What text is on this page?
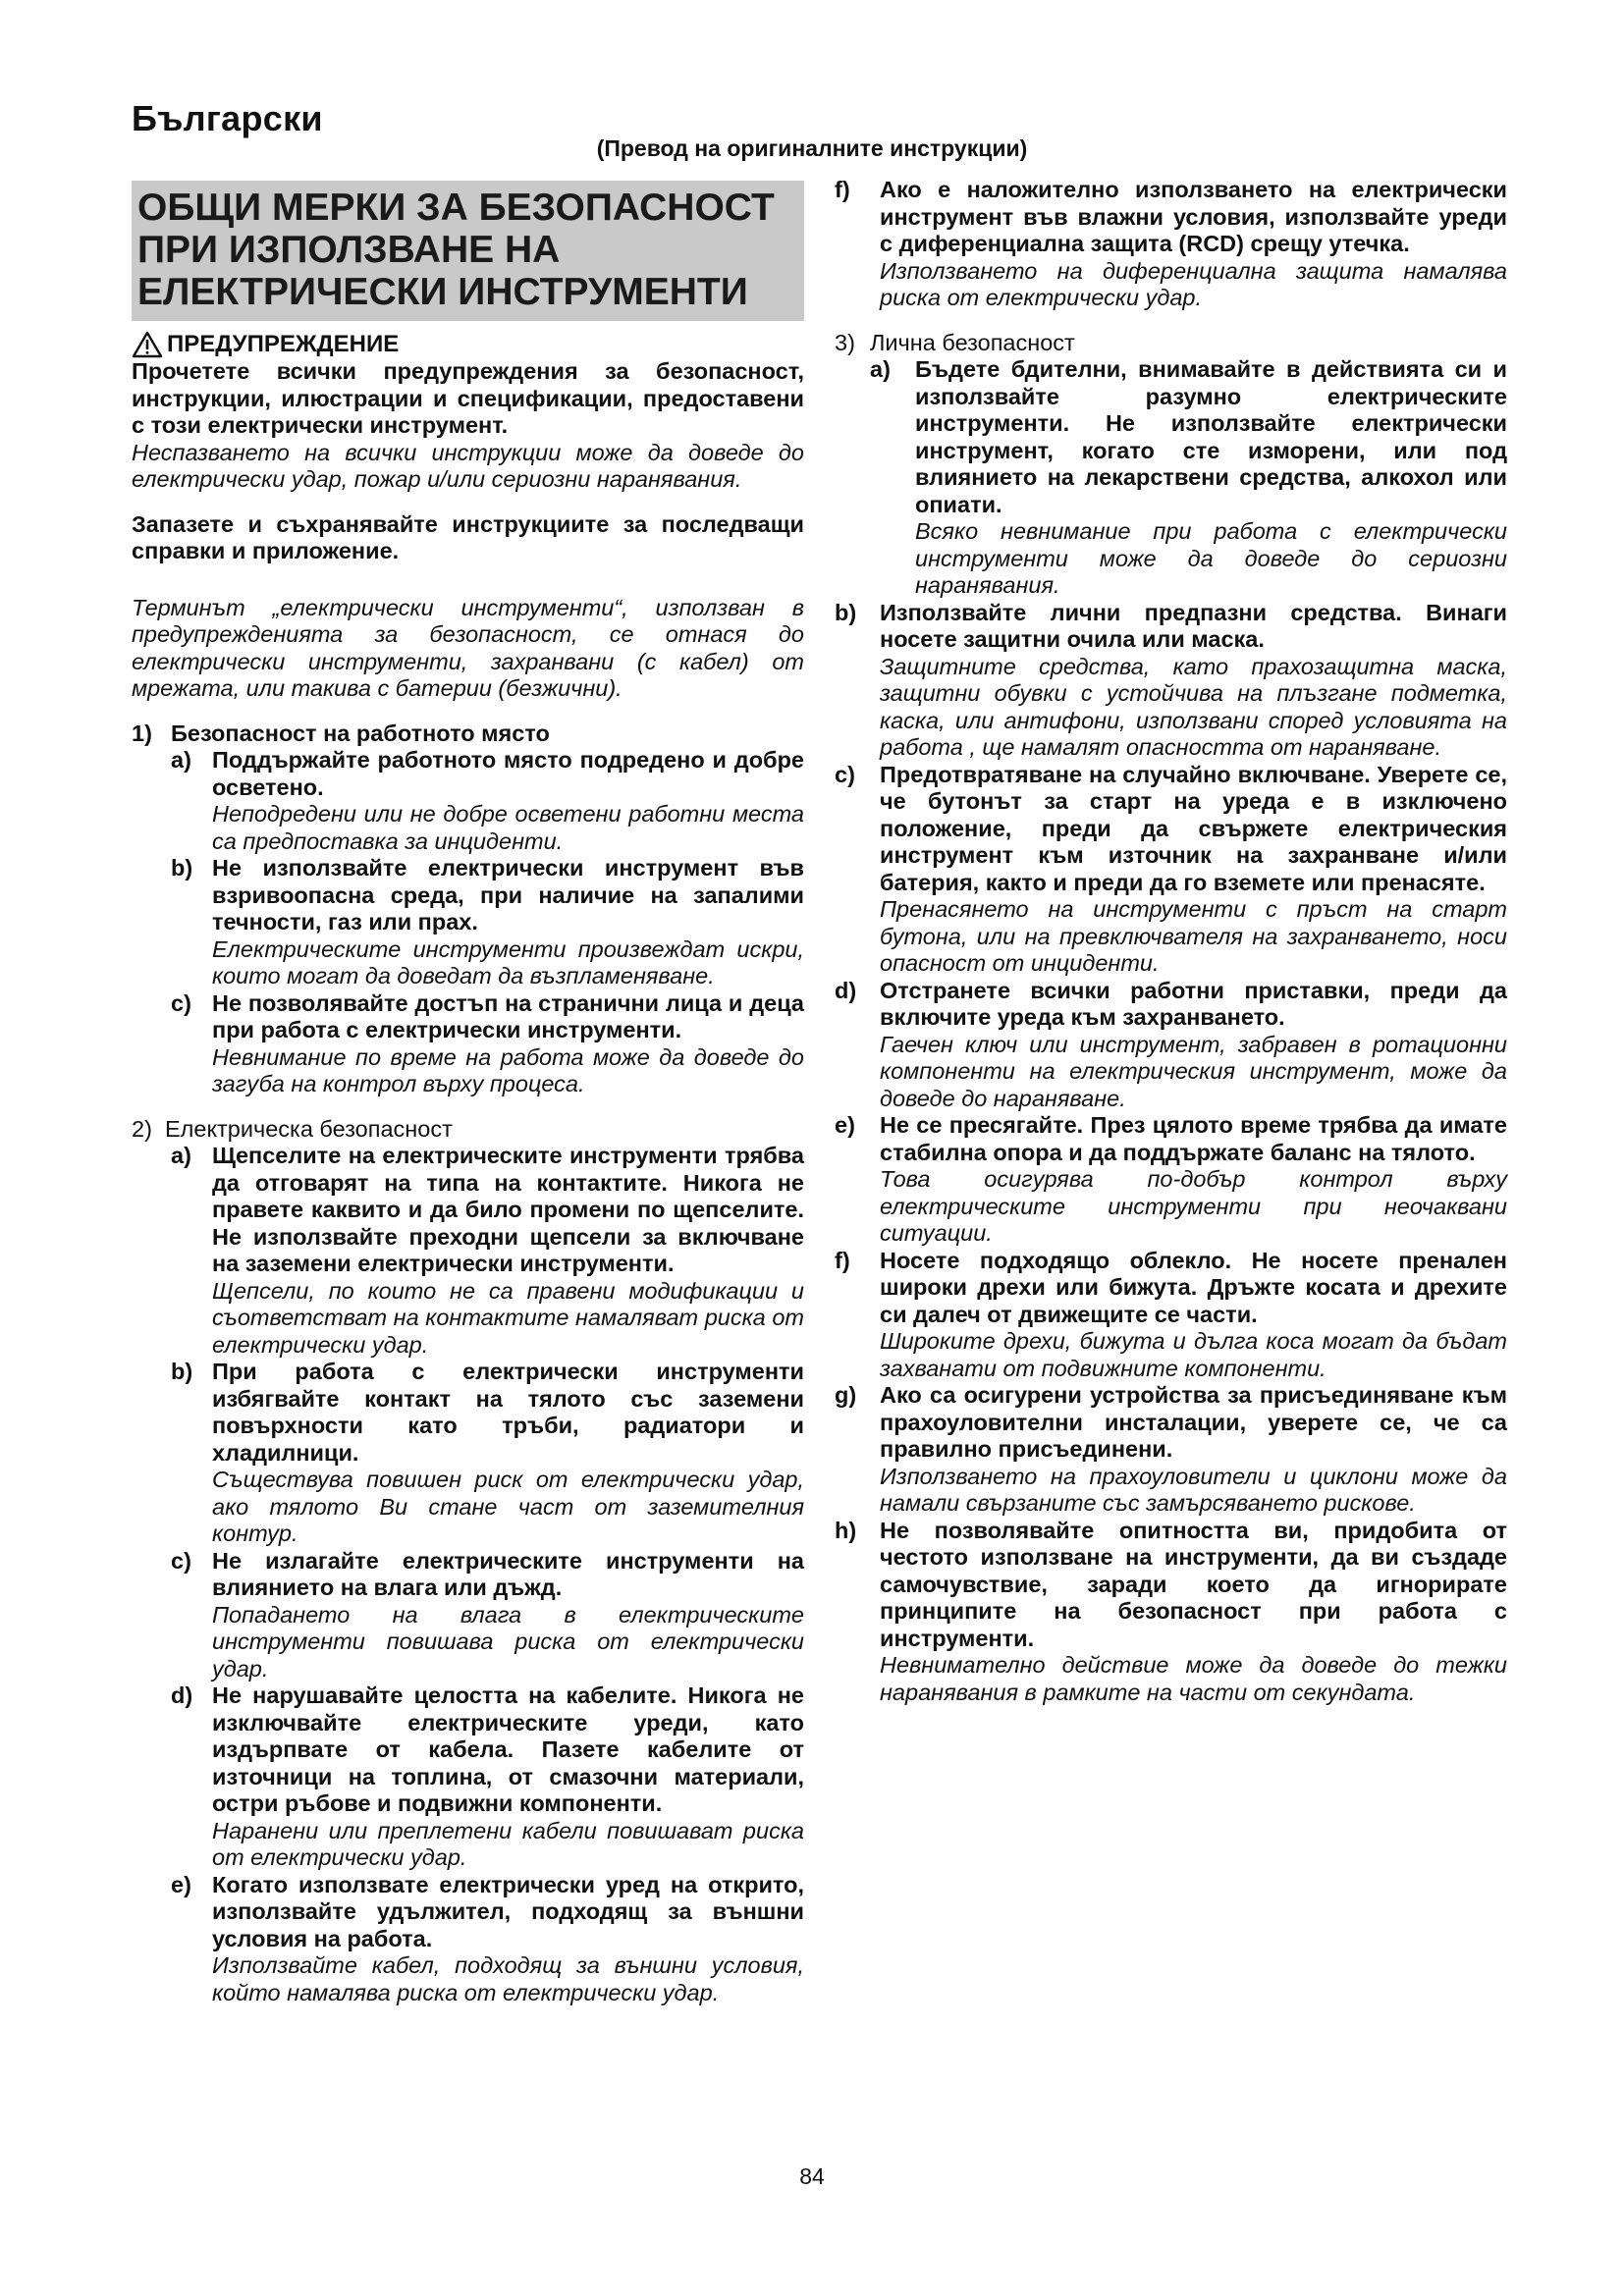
Български
(Превод на оригиналните инструкции)
ОБЩИ МЕРКИ ЗА БЕЗОПАСНОСТ
ПРИ ИЗПОЛЗВАНЕ НА
ЕЛЕКТРИЧЕСКИ ИНСТРУМЕНТИ
ПРЕДУПРЕЖДЕНИЕ
Прочетете всички предупреждения за безопасност, инструкции, илюстрации и спецификации, предоставени с този електрически инструмент.
Неспазването на всички инструкции може да доведе до електрически удар, пожар и/или сериозни наранявания.
Запазете и съхранявайте инструкциите за последващи справки и приложение.
Терминът „електрически инструменти“, използван в предупрежденията за безопасност, се отнася до електрически инструменти, захранвани (с кабел) от мрежата, или такива с батерии (безжични).
1) Безопасност на работното място
a) Поддържайте работното място подредено и добре осветено.
Неподредени или не добре осветени работни места са предпоставка за инциденти.
b) Не използвайте електрически инструмент във взривоопасна среда, при наличие на запалими течности, газ или прах.
Електрическите инструменти произвеждат искри, които могат да доведат да възпламеняване.
c) Не позволявайте достъп на странични лица и деца при работа с електрически инструменти.
Невнимание по време на работа може да доведе до загуба на контрол върху процеса.
2) Електрическа безопасност
a) Щепселите на електрическите инструменти трябва да отговарят на типа на контактите. Никога не правете каквито и да било промени по щепселите. Не използвайте преходни щепсели за включване на заземени електрически инструменти.
Щепсели, по които не са правени модификации и съответстват на контактите намаляват риска от електрически удар.
b) При работа с електрически инструменти избягвайте контакт на тялото със заземени повърхности като тръби, радиатори и хладилници.
Съществува повишен риск от електрически удар, ако тялото Ви стане част от заземителния контур.
c) Не излагайте електрическите инструменти на влиянието на влага или дъжд.
Попадането на влага в електрическите инструменти повишава риска от електрически удар.
d) Не нарушавайте целостта на кабелите. Никога не изключвайте електрическите уреди, като издърпвате от кабела. Пазете кабелите от източници на топлина, от смазочни материали, остри ръбове и подвижни компоненти.
Наранени или преплетени кабели повишават риска от електрически удар.
e) Когато използвате електрически уред на открито, използвайте удължител, подходящ за външни условия на работа.
Използвайте кабел, подходящ за външни условия, който намалява риска от електрически удар.
f)	Ако е наложително използването на електрически инструмент във влажни условия, използвайте уреди с диференциална защита (RCD) срещу утечка.
Използването на диференциална защита намалява риска от електрически удар.
3) Лична безопасност
a)	Бъдете бдителни, внимавайте в действията си и използвайте разумно електрическите инструменти. Не използвайте електрически инструмент, когато сте изморени, или под влиянието на лекарствени средства, алкохол или опиати.
Всяко невнимание при работа с електрически инструменти може да доведе до сериозни наранявания.
b)	Използвайте лични предпазни средства. Винаги носете защитни очила или маска.
Защитните средства, като прахозащитна маска, защитни обувки с устойчива на плъзгане подметка, каска, или антифони, използвани според условията на работа , ще намалят опасността от нараняване.
c)	Предотвратяване на случайно включване. Уверете се, че бутонът за старт на уреда е в изключено положение, преди да свържете електрическия инструмент към източник на захранване и/или батерия, както и преди да го вземете или пренасяте.
Пренасянето на инструменти с пръст на старт бутона, или на превключвателя на захранването, носи опасност от инциденти.
d)	Отстранете всички работни приставки, преди да включите уреда към захранването.
Гаечен ключ или инструмент, забравен в ротационни компоненти на електрическия инструмент, може да доведе до нараняване.
e)	Не се пресягайте. През цялото време трябва да имате стабилна опора и да поддържате баланс на тялото.
Това осигурява по-добър контрол върху електрическите инструменти при неочаквани ситуации.
f)	Носете подходящо облекло. Не носете пренален широки дрехи или бижута. Дръжте косата и дрехите си далеч от движещите се части.
Широките дрехи, бижута и дълга коса могат да бъдат захванати от подвижните компоненти.
g)	Ако са осигурени устройства за присъединяване към прахоуловителни инсталации, уверете се, че са правилно присъединени.
Използването на прахоуловители и циклони може да намали свързаните със замърсяването рискове.
h)	Не позволявайте опитността ви, придобита от честото използване на инструменти, да ви създаде самочувствие, заради което да игнорирате принципите на безопасност при работа с инструменти.
Невнимателно действие може да доведе до тежки наранявания в рамките на части от секундата.
84
